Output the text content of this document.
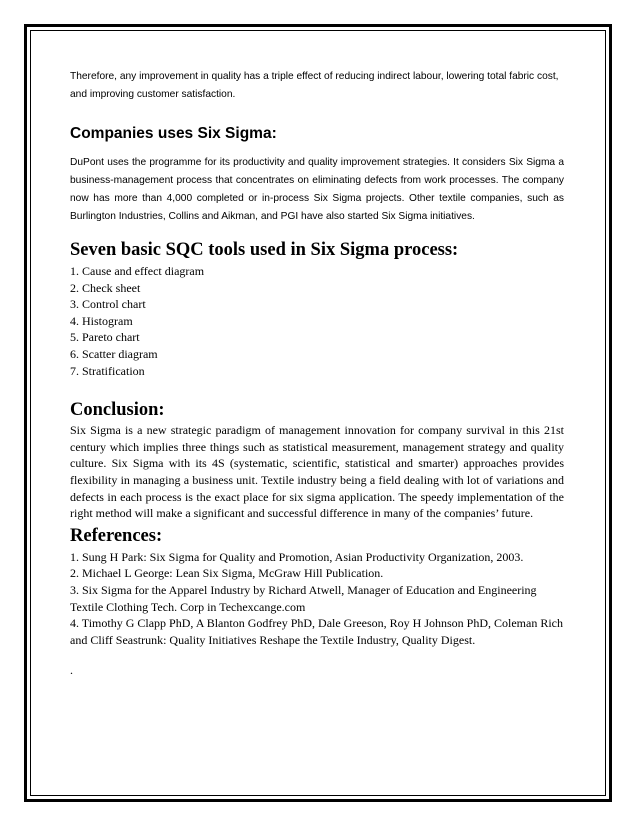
Therefore, any improvement in quality has a triple effect of reducing indirect labour, lowering total fabric cost, and improving customer satisfaction.

Companies uses Six Sigma:

DuPont uses the programme for its productivity and quality improvement strategies. It considers Six Sigma a business-management process that concentrates on eliminating defects from work processes. The company now has more than 4,000 completed or in-process Six Sigma projects. Other textile companies, such as Burlington Industries, Collins and Aikman, and PGI have also started Six Sigma initiatives.

Seven basic SQC tools used in Six Sigma process:
1. Cause and effect diagram
2. Check sheet
3. Control chart
4. Histogram
5. Pareto chart
6. Scatter diagram
7. Stratification
Conclusion:

Six Sigma is a new strategic paradigm of management innovation for company survival in this 21st century which implies three things such as statistical measurement, management strategy and quality culture. Six Sigma with its 4S (systematic, scientific, statistical and smarter) approaches provides flexibility in managing a business unit. Textile industry being a field dealing with lot of variations and defects in each process is the exact place for six sigma application. The speedy implementation of the right method will make a significant and successful difference in many of the companies’ future.

References:
1. Sung H Park: Six Sigma for Quality and Promotion, Asian Productivity Organization, 2003.
2. Michael L George: Lean Six Sigma, McGraw Hill Publication.
3. Six Sigma for the Apparel Industry by Richard Atwell, Manager of Education and Engineering Textile Clothing Tech. Corp in Techexcange.com
4. Timothy G Clapp PhD, A Blanton Godfrey PhD, Dale Greeson, Roy H Johnson PhD, Coleman Rich and Cliff Seastrunk: Quality Initiatives Reshape the Textile Industry, Quality Digest.

.
